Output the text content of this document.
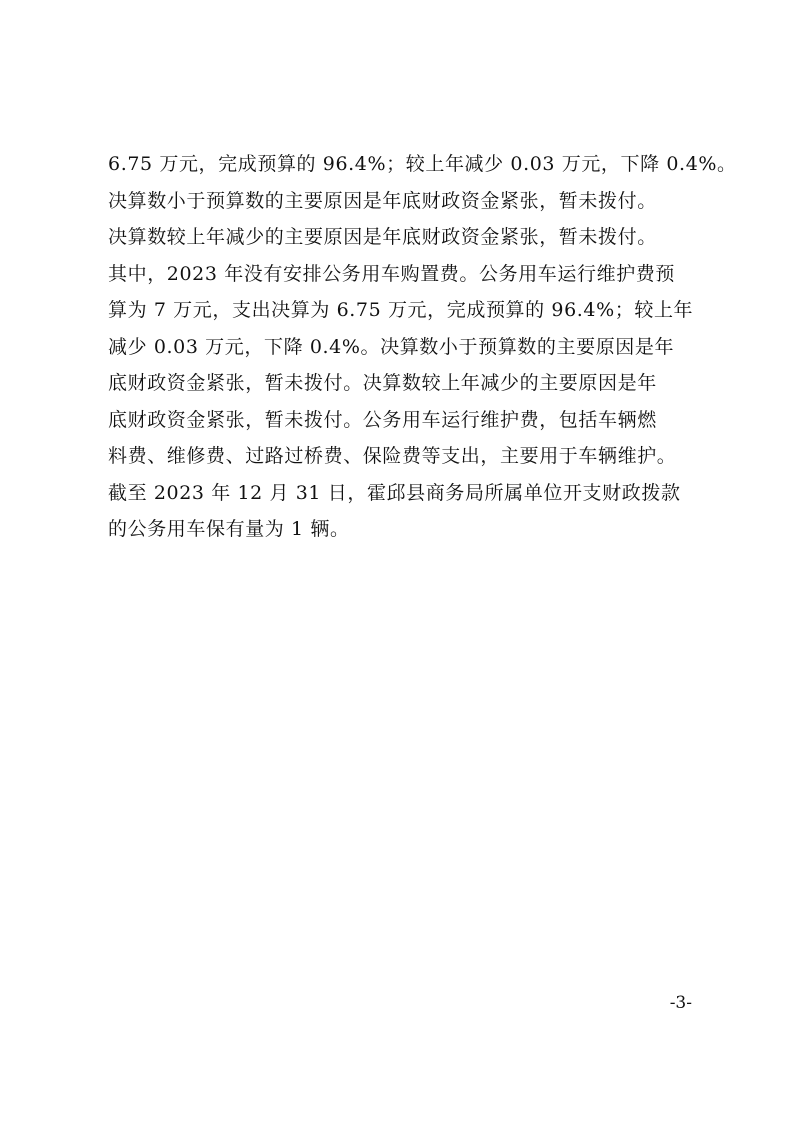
6.75 万元，完成预算的 96.4%；较上年减少 0.03 万元，下降 0.4%。
决算数小于预算数的主要原因是年底财政资金紧张，暂未拨付。
决算数较上年减少的主要原因是年底财政资金紧张，暂未拨付。
其中，2023 年没有安排公务用车购置费。公务用车运行维护费预
算为 7 万元，支出决算为 6.75 万元，完成预算的 96.4%；较上年
减少 0.03 万元，下降 0.4%。决算数小于预算数的主要原因是年
底财政资金紧张，暂未拨付。决算数较上年减少的主要原因是年
底财政资金紧张，暂未拨付。公务用车运行维护费，包括车辆燃
料费、维修费、过路过桥费、保险费等支出，主要用于车辆维护。
截至 2023 年 12 月 31 日，霍邱县商务局所属单位开支财政拨款
的公务用车保有量为 1 辆。
-3-
